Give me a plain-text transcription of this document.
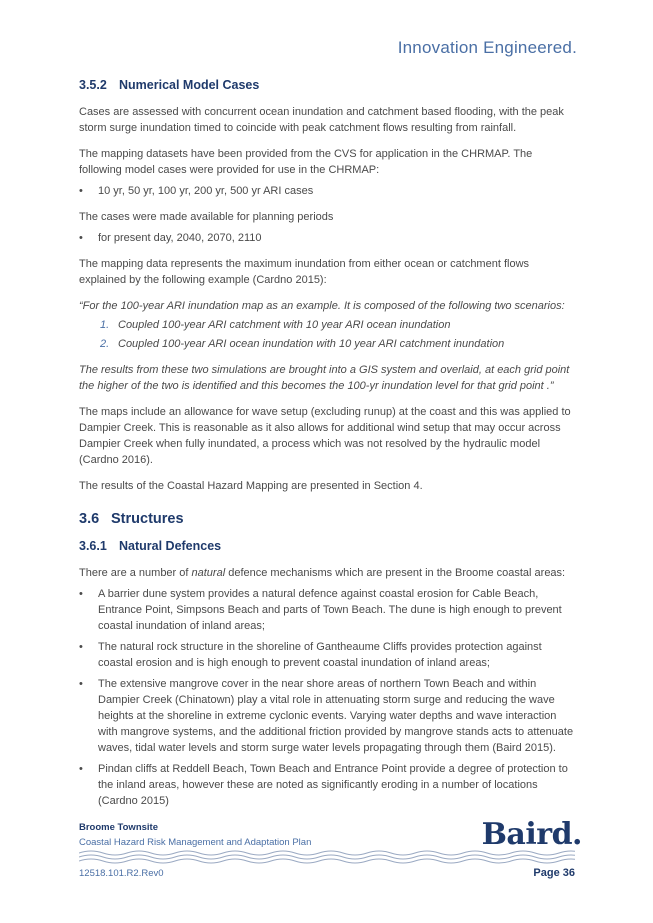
Innovation Engineered.
3.5.2 Numerical Model Cases

Cases are assessed with concurrent ocean inundation and catchment based flooding, with the peak storm surge inundation timed to coincide with peak catchment flows resulting from rainfall.

The mapping datasets have been provided from the CVS for application in the CHRMAP. The following model cases were provided for use in the CHRMAP:

• 10 yr, 50 yr, 100 yr, 200 yr, 500 yr ARI cases

The cases were made available for planning periods

• for present day, 2040, 2070, 2110

The mapping data represents the maximum inundation from either ocean or catchment flows explained by the following example (Cardno 2015):

“For the 100-year ARI inundation map as an example. It is composed of the following two scenarios:

1. Coupled 100-year ARI catchment with 10 year ARI ocean inundation
2. Coupled 100-year ARI ocean inundation with 10 year ARI catchment inundation

The results from these two simulations are brought into a GIS system and overlaid, at each grid point the higher of the two is identified and this becomes the 100-yr inundation level for that grid point .”

The maps include an allowance for wave setup (excluding runup) at the coast and this was applied to Dampier Creek. This is reasonable as it also allows for additional wind setup that may occur across Dampier Creek when fully inundated, a process which was not resolved by the hydraulic model (Cardno 2016).

The results of the Coastal Hazard Mapping are presented in Section 4.

3.6 Structures
3.6.1 Natural Defences

There are a number of natural defence mechanisms which are present in the Broome coastal areas:

• A barrier dune system provides a natural defence against coastal erosion for Cable Beach, Entrance Point, Simpsons Beach and parts of Town Beach. The dune is high enough to prevent coastal inundation of inland areas;
• The natural rock structure in the shoreline of Gantheaume Cliffs provides protection against coastal erosion and is high enough to prevent coastal inundation of inland areas;
• The extensive mangrove cover in the near shore areas of northern Town Beach and within Dampier Creek (Chinatown) play a vital role in attenuating storm surge and reducing the wave heights at the shoreline in extreme cyclonic events. Varying water depths and wave interaction with mangrove systems, and the additional friction provided by mangrove stands acts to attenuate waves, tidal water levels and storm surge water levels propagating through them (Baird 2015).
• Pindan cliffs at Reddell Beach, Town Beach and Entrance Point provide a degree of protection to the inland areas, however these are noted as significantly eroding in a number of locations (Cardno 2015)
Broome Townsite
Coastal Hazard Risk Management and Adaptation Plan	Baird.
12518.101.R2.Rev0	Page 36
